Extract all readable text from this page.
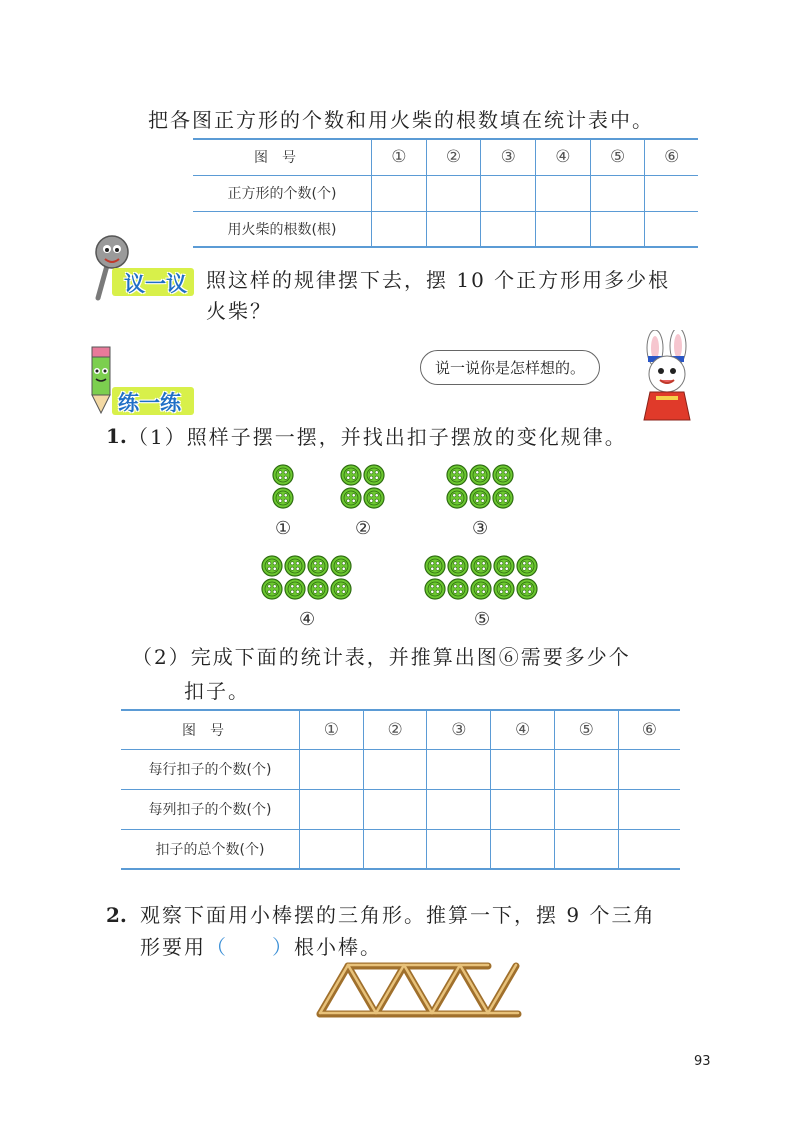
把各图正方形的个数和用火柴的根数填在统计表中。
图号	①	②	③	④	⑤	⑥
正方形的个数(个)						
用火柴的根数(根)						
议一议 照这样的规律摆下去，摆 10 个正方形用多少根
火柴？
练一练
说一说你是怎样想的。
1. （1）照样子摆一摆，并找出扣子摆放的变化规律。
①	②	③
④	⑤
（2）完成下面的统计表，并推算出图⑥需要多少个
扣子。
图号	①	②	③	④	⑤	⑥
每行扣子的个数(个)						
每列扣子的个数(个)						
扣子的总个数(个)						
2. 观察下面用小棒摆的三角形。推算一下，摆 9 个三角
形要用（　　）根小棒。
93
